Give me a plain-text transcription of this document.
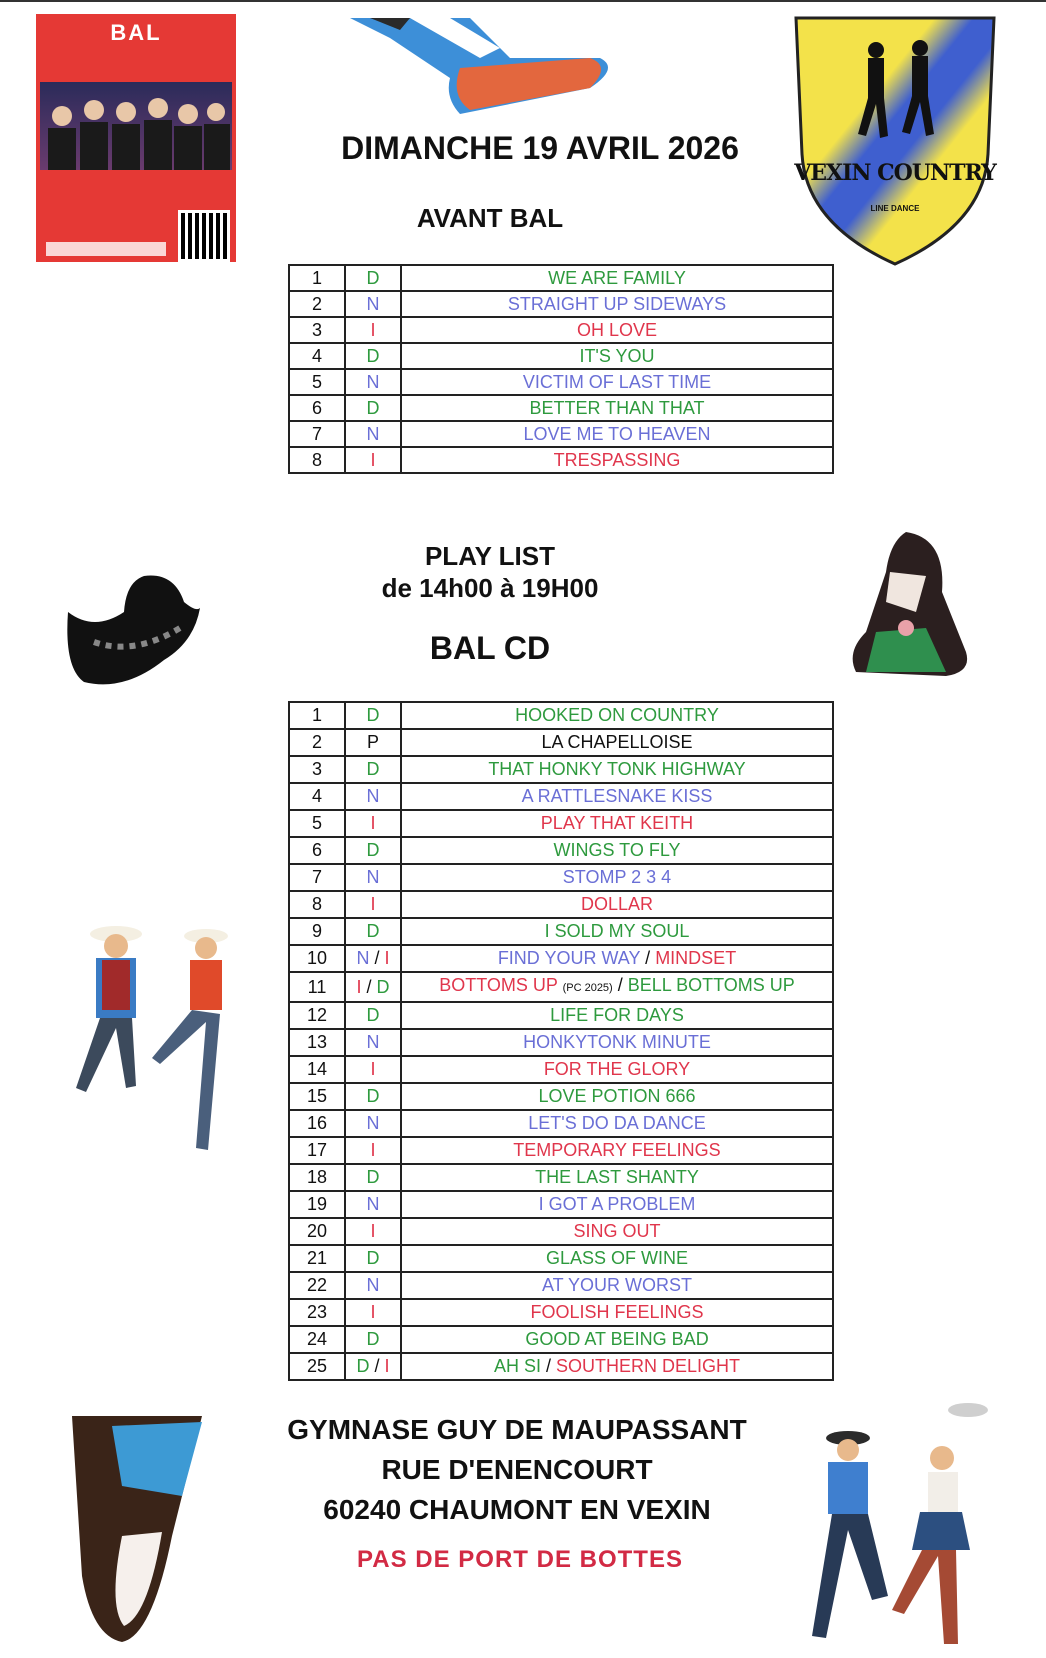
BAL
VEXIN COUNTRY
LINE DANCE
DIMANCHE 19 AVRIL 2026
AVANT BAL
1	D	WE ARE FAMILY
2	N	STRAIGHT UP SIDEWAYS
3	I	OH LOVE
4	D	IT'S YOU
5	N	VICTIM OF LAST TIME
6	D	BETTER THAN THAT
7	N	LOVE ME TO HEAVEN
8	I	TRESPASSING
PLAY LIST
de 14h00 à 19H00
BAL CD
1	D	HOOKED ON COUNTRY
2	P	LA CHAPELLOISE
3	D	THAT HONKY TONK HIGHWAY
4	N	A RATTLESNAKE KISS
5	I	PLAY THAT KEITH
6	D	WINGS TO FLY
7	N	STOMP 2 3 4
8	I	DOLLAR
9	D	I SOLD MY SOUL
10	N / I	FIND YOUR WAY / MINDSET
11	I / D	BOTTOMS UP (PC 2025) / BELL BOTTOMS UP
12	D	LIFE FOR DAYS
13	N	HONKYTONK MINUTE
14	I	FOR THE GLORY
15	D	LOVE POTION 666
16	N	LET'S DO DA DANCE
17	I	TEMPORARY FEELINGS
18	D	THE LAST SHANTY
19	N	I GOT A PROBLEM
20	I	SING OUT
21	D	GLASS OF WINE
22	N	AT YOUR WORST
23	I	FOOLISH FEELINGS
24	D	GOOD AT BEING BAD
25	D / I	AH SI / SOUTHERN DELIGHT
GYMNASE GUY DE MAUPASSANT
RUE D'ENENCOURT
60240 CHAUMONT EN VEXIN
PAS DE PORT DE BOTTES
